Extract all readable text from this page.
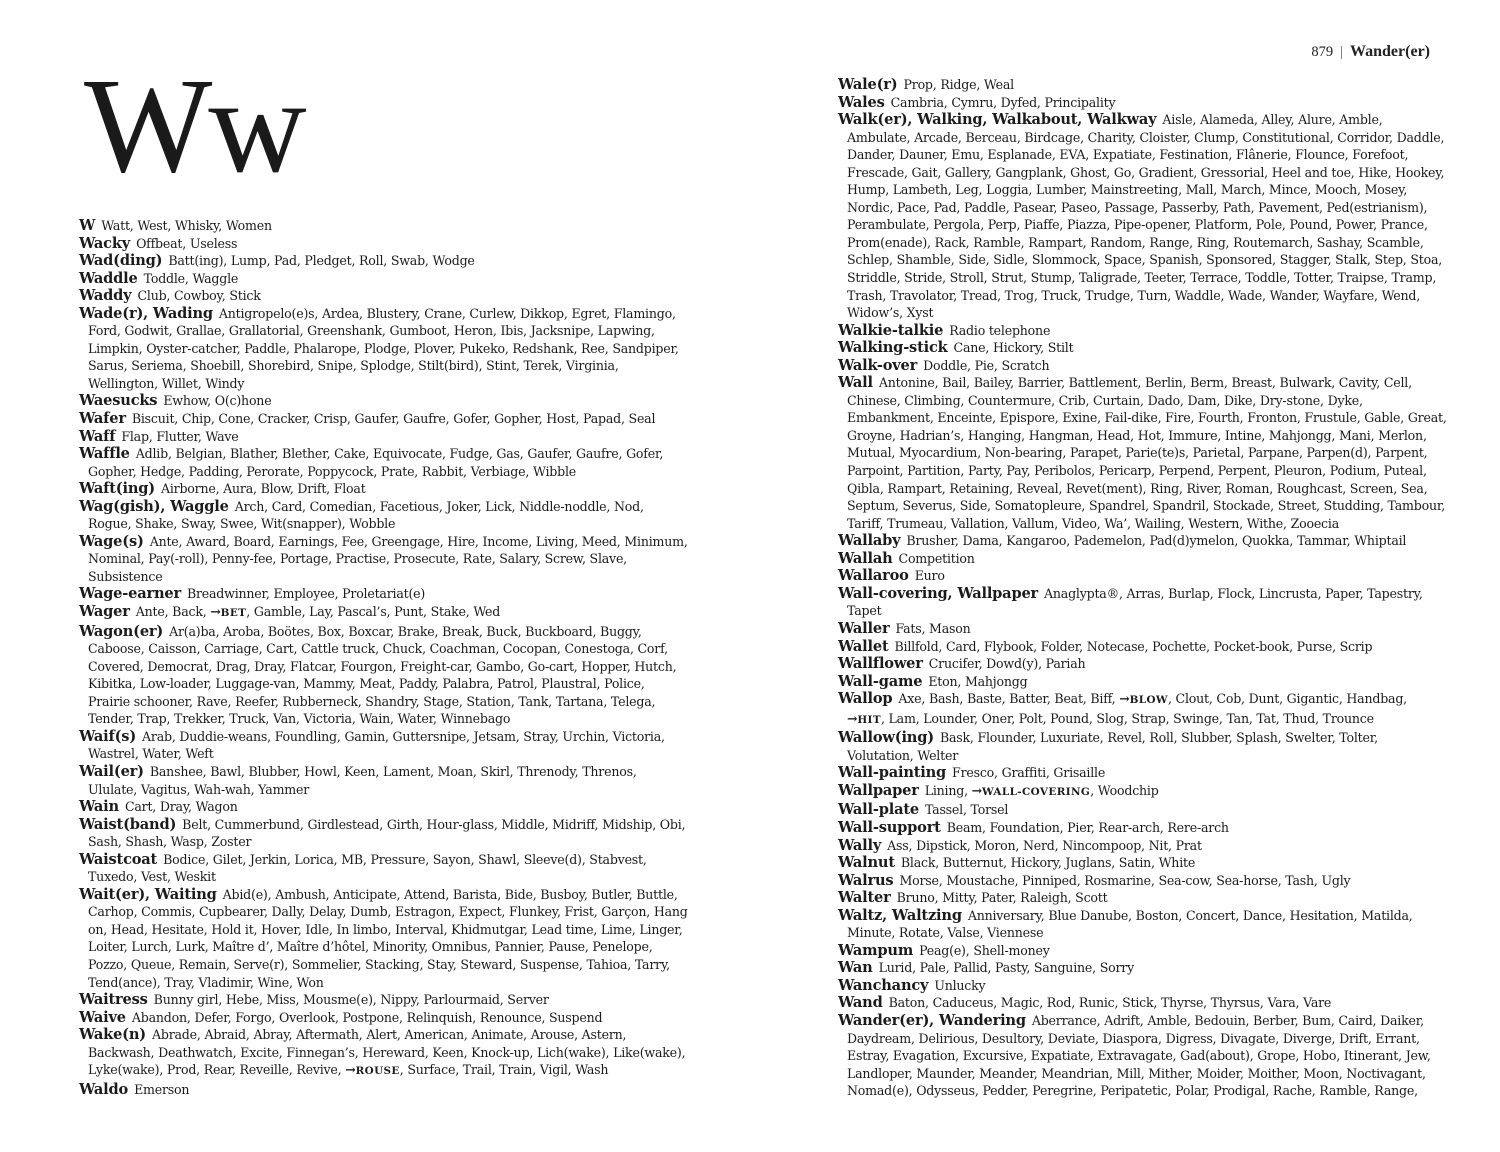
879 | Wander(er)
Ww
W Watt, West, Whisky, Women
Wacky Offbeat, Useless
Wad(ding) Batt(ing), Lump, Pad, Pledget, Roll, Swab, Wodge
Waddle Toddle, Waggle
Waddy Club, Cowboy, Stick
Wade(r), Wading Antigropelo(e)s, Ardea, Blustery, Crane, Curlew, Dikkop, Egret, Flamingo, Ford, Godwit, Grallae, Grallatorial, Greenshank, Gumboot, Heron, Ibis, Jacksnipe, Lapwing, Limpkin, Oyster-catcher, Paddle, Phalarope, Plodge, Plover, Pukeko, Redshank, Ree, Sandpiper, Sarus, Seriema, Shoebill, Shorebird, Snipe, Splodge, Stilt(bird), Stint, Terek, Virginia, Wellington, Willet, Windy
Waesucks Ewhow, O(c)hone
Wafer Biscuit, Chip, Cone, Cracker, Crisp, Gaufer, Gaufre, Gofer, Gopher, Host, Papad, Seal
Waff Flap, Flutter, Wave
Waffle Adlib, Belgian, Blather, Blether, Cake, Equivocate, Fudge, Gas, Gaufer, Gaufre, Gofer, Gopher, Hedge, Padding, Perorate, Poppycock, Prate, Rabbit, Verbiage, Wibble
Waft(ing) Airborne, Aura, Blow, Drift, Float
Wag(gish), Waggle Arch, Card, Comedian, Facetious, Joker, Lick, Niddle-noddle, Nod, Rogue, Shake, Sway, Swee, Wit(snapper), Wobble
Wage(s) Ante, Award, Board, Earnings, Fee, Greengage, Hire, Income, Living, Meed, Minimum, Nominal, Pay(-roll), Penny-fee, Portage, Practise, Prosecute, Rate, Salary, Screw, Slave, Subsistence
Wage-earner Breadwinner, Employee, Proletariat(e)
Wager Ante, Back, →BET, Gamble, Lay, Pascal’s, Punt, Stake, Wed
Wagon(er) Ar(a)ba, Aroba, Boötes, Box, Boxcar, Brake, Break, Buck, Buckboard, Buggy, Caboose, Caisson, Carriage, Cart, Cattle truck, Chuck, Coachman, Cocopan, Conestoga, Corf, Covered, Democrat, Drag, Dray, Flatcar, Fourgon, Freight-car, Gambo, Go-cart, Hopper, Hutch, Kibitka, Low-loader, Luggage-van, Mammy, Meat, Paddy, Palabra, Patrol, Plaustral, Police, Prairie schooner, Rave, Reefer, Rubberneck, Shandry, Stage, Station, Tank, Tartana, Telega, Tender, Trap, Trekker, Truck, Van, Victoria, Wain, Water, Winnebago
Waif(s) Arab, Duddie-weans, Foundling, Gamin, Guttersnipe, Jetsam, Stray, Urchin, Victoria, Wastrel, Water, Weft
Wail(er) Banshee, Bawl, Blubber, Howl, Keen, Lament, Moan, Skirl, Threnody, Threnos, Ululate, Vagitus, Wah-wah, Yammer
Wain Cart, Dray, Wagon
Waist(band) Belt, Cummerbund, Girdlestead, Girth, Hour-glass, Middle, Midriff, Midship, Obi, Sash, Shash, Wasp, Zoster
Waistcoat Bodice, Gilet, Jerkin, Lorica, MB, Pressure, Sayon, Shawl, Sleeve(d), Stabvest, Tuxedo, Vest, Weskit
Wait(er), Waiting Abid(e), Ambush, Anticipate, Attend, Barista, Bide, Busboy, Butler, Buttle, Carhop, Commis, Cupbearer, Dally, Delay, Dumb, Estragon, Expect, Flunkey, Frist, Garçon, Hang on, Head, Hesitate, Hold it, Hover, Idle, In limbo, Interval, Khidmutgar, Lead time, Lime, Linger, Loiter, Lurch, Lurk, Maître d’, Maître d’hôtel, Minority, Omnibus, Pannier, Pause, Penelope, Pozzo, Queue, Remain, Serve(r), Sommelier, Stacking, Stay, Steward, Suspense, Tahioa, Tarry, Tend(ance), Tray, Vladimir, Wine, Won
Waitress Bunny girl, Hebe, Miss, Mousme(e), Nippy, Parlourmaid, Server
Waive Abandon, Defer, Forgo, Overlook, Postpone, Relinquish, Renounce, Suspend
Wake(n) Abrade, Abraid, Abray, Aftermath, Alert, American, Animate, Arouse, Astern, Backwash, Deathwatch, Excite, Finnegan’s, Hereward, Keen, Knock-up, Lich(wake), Like(wake), Lyke(wake), Prod, Rear, Reveille, Revive, →ROUSE, Surface, Trail, Train, Vigil, Wash
Waldo Emerson
Wale(r) Prop, Ridge, Weal
Wales Cambria, Cymru, Dyfed, Principality
Walk(er), Walking, Walkabout, Walkway Aisle, Alameda, Alley, Alure, Amble, Ambulate, Arcade, Berceau, Birdcage, Charity, Cloister, Clump, Constitutional, Corridor, Daddle, Dander, Dauner, Emu, Esplanade, EVA, Expatiate, Festination, Flânerie, Flounce, Forefoot, Frescade, Gait, Gallery, Gangplank, Ghost, Go, Gradient, Gressorial, Heel and toe, Hike, Hookey, Hump, Lambeth, Leg, Loggia, Lumber, Mainstreeting, Mall, March, Mince, Mooch, Mosey, Nordic, Pace, Pad, Paddle, Pasear, Paseo, Passage, Passerby, Path, Pavement, Ped(estrianism), Perambulate, Pergola, Perp, Piaffe, Piazza, Pipe-opener, Platform, Pole, Pound, Power, Prance, Prom(enade), Rack, Ramble, Rampart, Random, Range, Ring, Routemarch, Sashay, Scamble, Schlep, Shamble, Side, Sidle, Slommock, Space, Spanish, Sponsored, Stagger, Stalk, Step, Stoa, Striddle, Stride, Stroll, Strut, Stump, Taligrade, Teeter, Terrace, Toddle, Totter, Traipse, Tramp, Trash, Travolator, Tread, Trog, Truck, Trudge, Turn, Waddle, Wade, Wander, Wayfare, Wend, Widow’s, Xyst
Walkie-talkie Radio telephone
Walking-stick Cane, Hickory, Stilt
Walk-over Doddle, Pie, Scratch
Wall Antonine, Bail, Bailey, Barrier, Battlement, Berlin, Berm, Breast, Bulwark, Cavity, Cell, Chinese, Climbing, Countermure, Crib, Curtain, Dado, Dam, Dike, Dry-stone, Dyke, Embankment, Enceinte, Epispore, Exine, Fail-dike, Fire, Fourth, Fronton, Frustule, Gable, Great, Groyne, Hadrian’s, Hanging, Hangman, Head, Hot, Immure, Intine, Mahjongg, Mani, Merlon, Mutual, Myocardium, Non-bearing, Parapet, Parie(te)s, Parietal, Parpane, Parpen(d), Parpent, Parpoint, Partition, Party, Pay, Peribolos, Pericarp, Perpend, Perpent, Pleuron, Podium, Puteal, Qibla, Rampart, Retaining, Reveal, Revet(ment), Ring, River, Roman, Roughcast, Screen, Sea, Septum, Severus, Side, Somatopleure, Spandrel, Spandril, Stockade, Street, Studding, Tambour, Tariff, Trumeau, Vallation, Vallum, Video, Wa’, Wailing, Western, Withe, Zooecia
Wallaby Brusher, Dama, Kangaroo, Pademelon, Pad(d)ymelon, Quokka, Tammar, Whiptail
Wallah Competition
Wallaroo Euro
Wall-covering, Wallpaper Anaglypta®, Arras, Burlap, Flock, Lincrusta, Paper, Tapestry, Tapet
Waller Fats, Mason
Wallet Billfold, Card, Flybook, Folder, Notecase, Pochette, Pocket-book, Purse, Scrip
Wallflower Crucifer, Dowd(y), Pariah
Wall-game Eton, Mahjongg
Wallop Axe, Bash, Baste, Batter, Beat, Biff, →BLOW, Clout, Cob, Dunt, Gigantic, Handbag, →HIT, Lam, Lounder, Oner, Polt, Pound, Slog, Strap, Swinge, Tan, Tat, Thud, Trounce
Wallow(ing) Bask, Flounder, Luxuriate, Revel, Roll, Slubber, Splash, Swelter, Tolter, Volutation, Welter
Wall-painting Fresco, Graffiti, Grisaille
Wallpaper Lining, →WALL-COVERING, Woodchip
Wall-plate Tassel, Torsel
Wall-support Beam, Foundation, Pier, Rear-arch, Rere-arch
Wally Ass, Dipstick, Moron, Nerd, Nincompoop, Nit, Prat
Walnut Black, Butternut, Hickory, Juglans, Satin, White
Walrus Morse, Moustache, Pinniped, Rosmarine, Sea-cow, Sea-horse, Tash, Ugly
Walter Bruno, Mitty, Pater, Raleigh, Scott
Waltz, Waltzing Anniversary, Blue Danube, Boston, Concert, Dance, Hesitation, Matilda, Minute, Rotate, Valse, Viennese
Wampum Peag(e), Shell-money
Wan Lurid, Pale, Pallid, Pasty, Sanguine, Sorry
Wanchancy Unlucky
Wand Baton, Caduceus, Magic, Rod, Runic, Stick, Thyrse, Thyrsus, Vara, Vare
Wander(er), Wandering Aberrance, Adrift, Amble, Bedouin, Berber, Bum, Caird, Daiker, Daydream, Delirious, Desultory, Deviate, Diaspora, Digress, Divagate, Diverge, Drift, Errant, Estray, Evagation, Excursive, Expatiate, Extravagate, Gad(about), Grope, Hobo, Itinerant, Jew, Landloper, Maunder, Meander, Meandrian, Mill, Mither, Moider, Moither, Moon, Noctivagant, Nomad(e), Odysseus, Pedder, Peregrine, Peripatetic, Polar, Prodigal, Rache, Ramble, Range,
